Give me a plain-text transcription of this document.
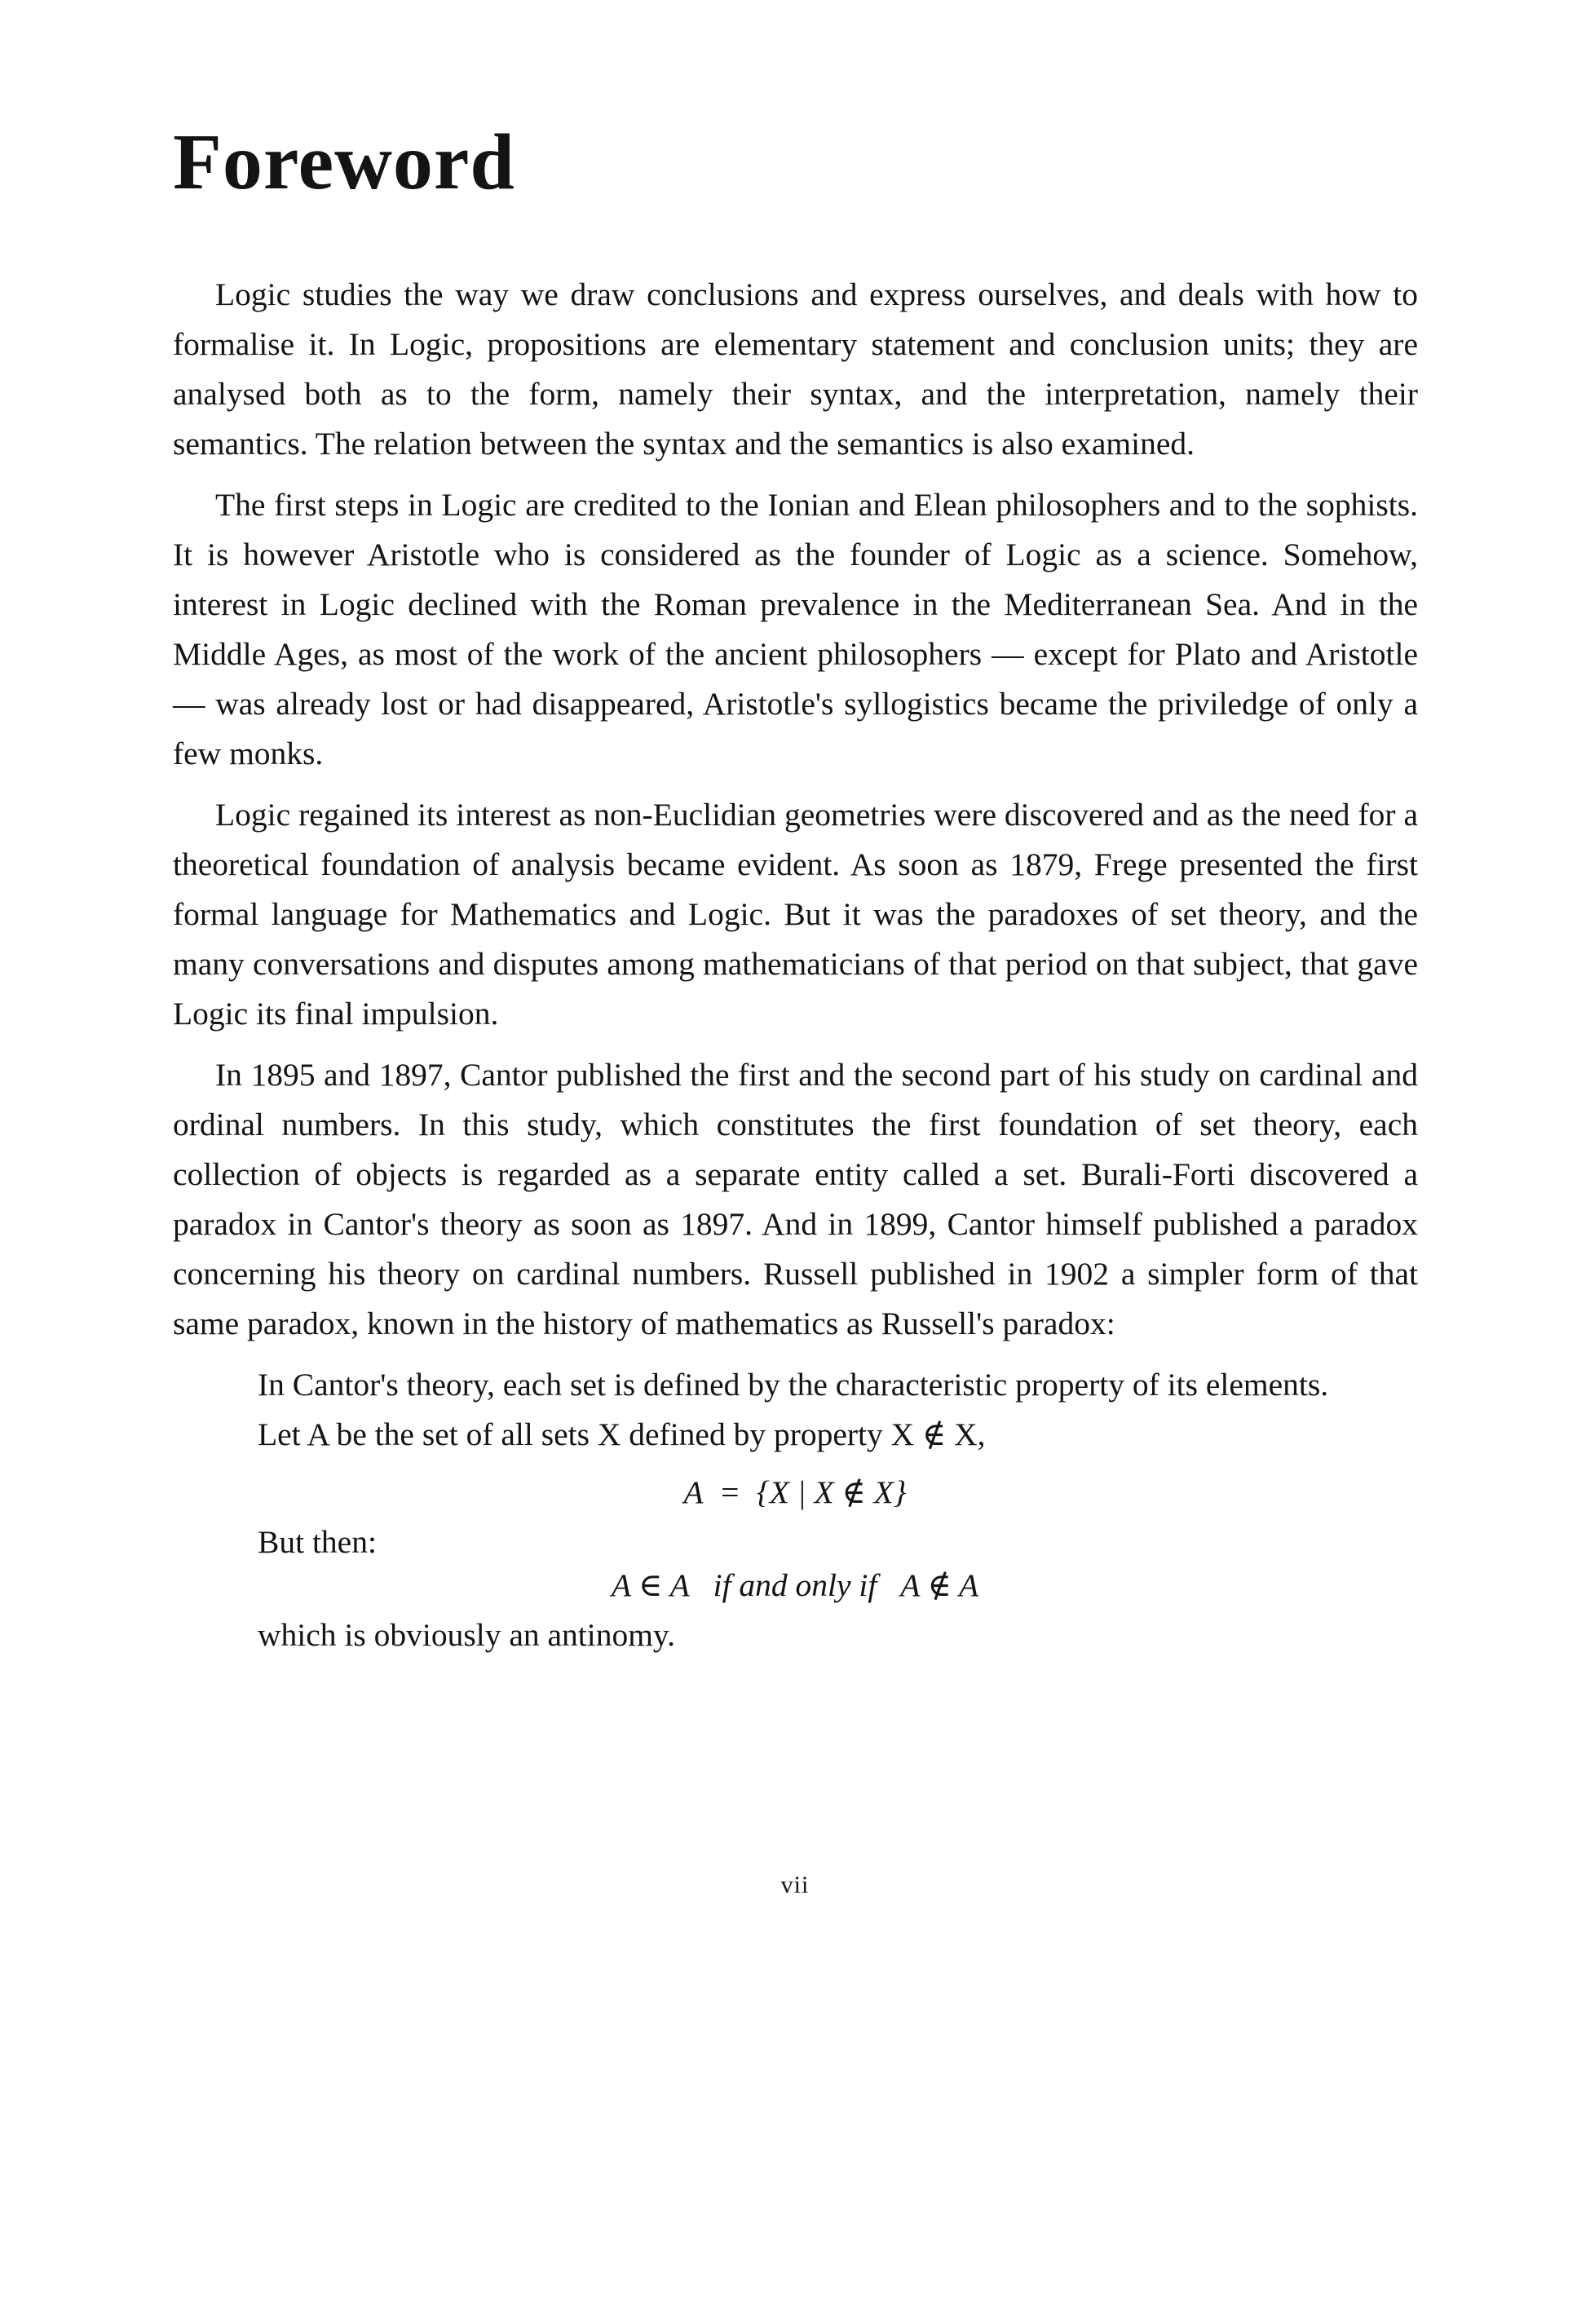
Foreword

Logic studies the way we draw conclusions and express ourselves, and deals with how to formalise it. In Logic, propositions are elementary statement and conclusion units; they are analysed both as to the form, namely their syntax, and the interpretation, namely their semantics. The relation between the syntax and the semantics is also examined.

The first steps in Logic are credited to the Ionian and Elean philosophers and to the sophists. It is however Aristotle who is considered as the founder of Logic as a science. Somehow, interest in Logic declined with the Roman prevalence in the Mediterranean Sea. And in the Middle Ages, as most of the work of the ancient philosophers — except for Plato and Aristotle — was already lost or had disappeared, Aristotle's syllogistics became the priviledge of only a few monks.

Logic regained its interest as non-Euclidian geometries were discovered and as the need for a theoretical foundation of analysis became evident. As soon as 1879, Frege presented the first formal language for Mathematics and Logic. But it was the paradoxes of set theory, and the many conversations and disputes among mathematicians of that period on that subject, that gave Logic its final impulsion.

In 1895 and 1897, Cantor published the first and the second part of his study on cardinal and ordinal numbers. In this study, which constitutes the first foundation of set theory, each collection of objects is regarded as a separate entity called a set. Burali-Forti discovered a paradox in Cantor's theory as soon as 1897. And in 1899, Cantor himself published a paradox concerning his theory on cardinal numbers. Russell published in 1902 a simpler form of that same paradox, known in the history of mathematics as Russell's paradox:

In Cantor's theory, each set is defined by the characteristic property of its elements. Let A be the set of all sets X defined by property X ∉ X,

A  =  {X | X ∉ X}

But then:

A ∈ A   if and only if   A ∉ A

which is obviously an antinomy.

vii
